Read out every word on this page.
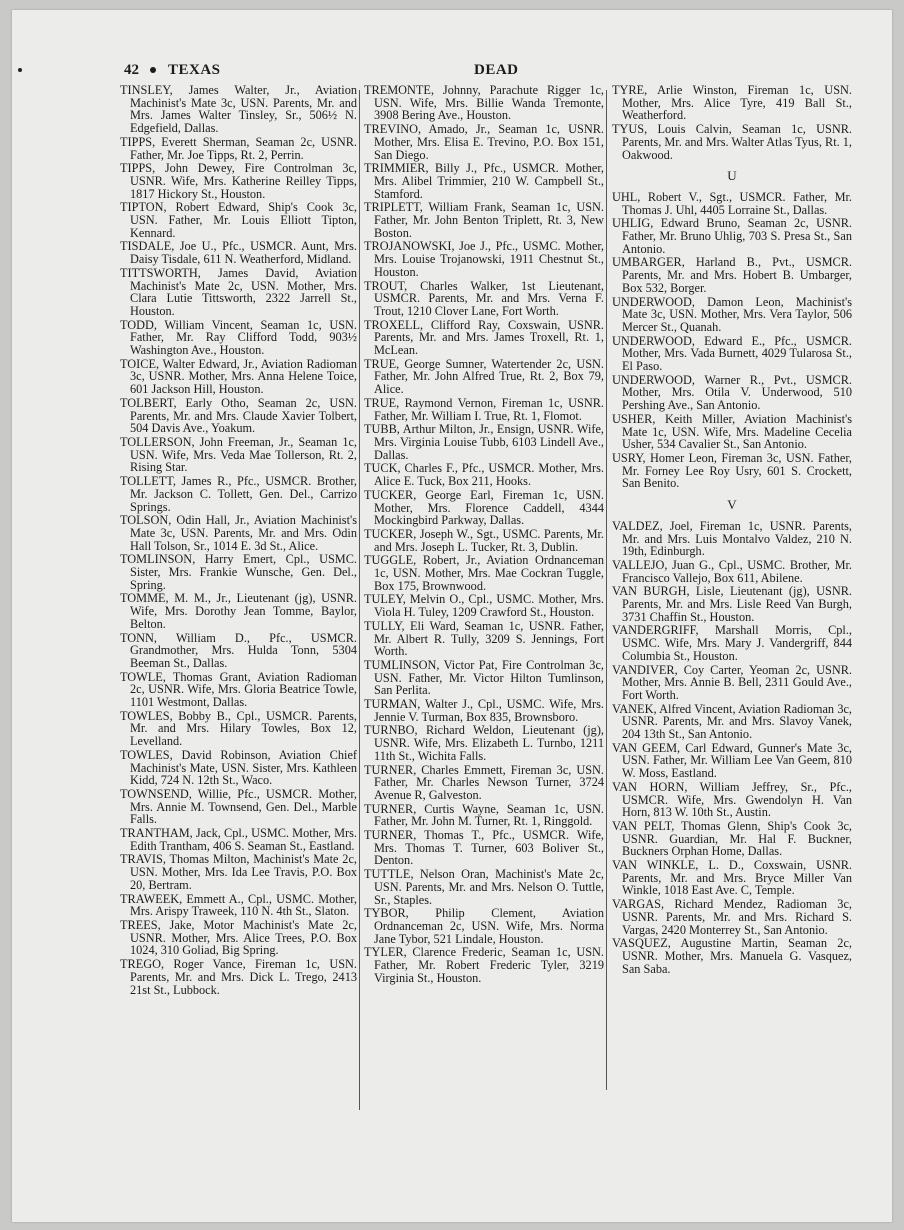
42 TEXAS	DEAD
TINSLEY, James Walter, Jr., Aviation Machinist's Mate 3c, USN. Parents, Mr. and Mrs. James Walter Tinsley, Sr., 506½ N. Edgefield, Dallas.
TIPPS, Everett Sherman, Seaman 2c, USNR. Father, Mr. Joe Tipps, Rt. 2, Perrin.
TIPPS, John Dewey, Fire Controlman 3c, USNR. Wife, Mrs. Katherine Reilley Tipps, 1817 Hickory St., Houston.
TIPTON, Robert Edward, Ship's Cook 3c, USN. Father, Mr. Louis Elliott Tipton, Kennard.
TISDALE, Joe U., Pfc., USMCR. Aunt, Mrs. Daisy Tisdale, 611 N. Weatherford, Midland.
TITTSWORTH, James David, Aviation Machinist's Mate 2c, USN. Mother, Mrs. Clara Lutie Tittsworth, 2322 Jarrell St., Houston.
TODD, William Vincent, Seaman 1c, USN. Father, Mr. Ray Clifford Todd, 903½ Washington Ave., Houston.
TOICE, Walter Edward, Jr., Aviation Radioman 3c, USNR. Mother, Mrs. Anna Helene Toice, 601 Jackson Hill, Houston.
TOLBERT, Early Otho, Seaman 2c, USN. Parents, Mr. and Mrs. Claude Xavier Tolbert, 504 Davis Ave., Yoakum.
TOLLERSON, John Freeman, Jr., Seaman 1c, USN. Wife, Mrs. Veda Mae Tollerson, Rt. 2, Rising Star.
TOLLETT, James R., Pfc., USMCR. Brother, Mr. Jackson C. Tollett, Gen. Del., Carrizo Springs.
TOLSON, Odin Hall, Jr., Aviation Machinist's Mate 3c, USN. Parents, Mr. and Mrs. Odin Hall Tolson, Sr., 1014 E. 3d St., Alice.
TOMLINSON, Harry Emert, Cpl., USMC. Sister, Mrs. Frankie Wunsche, Gen. Del., Spring.
TOMME, M. M., Jr., Lieutenant (jg), USNR. Wife, Mrs. Dorothy Jean Tomme, Baylor, Belton.
TONN, William D., Pfc., USMCR. Grandmother, Mrs. Hulda Tonn, 5304 Beeman St., Dallas.
TOWLE, Thomas Grant, Aviation Radioman 2c, USNR. Wife, Mrs. Gloria Beatrice Towle, 1101 Westmont, Dallas.
TOWLES, Bobby B., Cpl., USMCR. Parents, Mr. and Mrs. Hilary Towles, Box 12, Levelland.
TOWLES, David Robinson, Aviation Chief Machinist's Mate, USN. Sister, Mrs. Kathleen Kidd, 724 N. 12th St., Waco.
TOWNSEND, Willie, Pfc., USMCR. Mother, Mrs. Annie M. Townsend, Gen. Del., Marble Falls.
TRANTHAM, Jack, Cpl., USMC. Mother, Mrs. Edith Trantham, 406 S. Seaman St., Eastland.
TRAVIS, Thomas Milton, Machinist's Mate 2c, USN. Mother, Mrs. Ida Lee Travis, P.O. Box 20, Bertram.
TRAWEEK, Emmett A., Cpl., USMC. Mother, Mrs. Arispy Traweek, 110 N. 4th St., Slaton.
TREES, Jake, Motor Machinist's Mate 2c, USNR. Mother, Mrs. Alice Trees, P.O. Box 1024, 310 Goliad, Big Spring.
TREGO, Roger Vance, Fireman 1c, USN. Parents, Mr. and Mrs. Dick L. Trego, 2413 21st St., Lubbock.
TREMONTE, Johnny, Parachute Rigger 1c, USN. Wife, Mrs. Billie Wanda Tremonte, 3908 Bering Ave., Houston.
TREVINO, Amado, Jr., Seaman 1c, USNR. Mother, Mrs. Elisa E. Trevino, P.O. Box 151, San Diego.
TRIMMIER, Billy J., Pfc., USMCR. Mother, Mrs. Alibel Trimmier, 210 W. Campbell St., Stamford.
TRIPLETT, William Frank, Seaman 1c, USN. Father, Mr. John Benton Triplett, Rt. 3, New Boston.
TROJANOWSKI, Joe J., Pfc., USMC. Mother, Mrs. Louise Trojanowski, 1911 Chestnut St., Houston.
TROUT, Charles Walker, 1st Lieutenant, USMCR. Parents, Mr. and Mrs. Verna F. Trout, 1210 Clover Lane, Fort Worth.
TROXELL, Clifford Ray, Coxswain, USNR. Parents, Mr. and Mrs. James Troxell, Rt. 1, McLean.
TRUE, George Sumner, Watertender 2c, USN. Father, Mr. John Alfred True, Rt. 2, Box 79, Alice.
TRUE, Raymond Vernon, Fireman 1c, USNR. Father, Mr. William I. True, Rt. 1, Flomot.
TUBB, Arthur Milton, Jr., Ensign, USNR. Wife, Mrs. Virginia Louise Tubb, 6103 Lindell Ave., Dallas.
TUCK, Charles F., Pfc., USMCR. Mother, Mrs. Alice E. Tuck, Box 211, Hooks.
TUCKER, George Earl, Fireman 1c, USN. Mother, Mrs. Florence Caddell, 4344 Mockingbird Parkway, Dallas.
TUCKER, Joseph W., Sgt., USMC. Parents, Mr. and Mrs. Joseph L. Tucker, Rt. 3, Dublin.
TUGGLE, Robert, Jr., Aviation Ordnanceman 1c, USN. Mother, Mrs. Mae Cockran Tuggle, Box 175, Brownwood.
TULEY, Melvin O., Cpl., USMC. Mother, Mrs. Viola H. Tuley, 1209 Crawford St., Houston.
TULLY, Eli Ward, Seaman 1c, USNR. Father, Mr. Albert R. Tully, 3209 S. Jennings, Fort Worth.
TUMLINSON, Victor Pat, Fire Controlman 3c, USN. Father, Mr. Victor Hilton Tumlinson, San Perlita.
TURMAN, Walter J., Cpl., USMC. Wife, Mrs. Jennie V. Turman, Box 835, Brownsboro.
TURNBO, Richard Weldon, Lieutenant (jg), USNR. Wife, Mrs. Elizabeth L. Turnbo, 1211 11th St., Wichita Falls.
TURNER, Charles Emmett, Fireman 3c, USN. Father, Mr. Charles Newson Turner, 3724 Avenue R, Galveston.
TURNER, Curtis Wayne, Seaman 1c, USN. Father, Mr. John M. Turner, Rt. 1, Ringgold.
TURNER, Thomas T., Pfc., USMCR. Wife, Mrs. Thomas T. Turner, 603 Boliver St., Denton.
TUTTLE, Nelson Oran, Machinist's Mate 2c, USN. Parents, Mr. and Mrs. Nelson O. Tuttle, Sr., Staples.
TYBOR, Philip Clement, Aviation Ordnanceman 2c, USN. Wife, Mrs. Norma Jane Tybor, 521 Lindale, Houston.
TYLER, Clarence Frederic, Seaman 1c, USN. Father, Mr. Robert Frederic Tyler, 3219 Virginia St., Houston.
TYRE, Arlie Winston, Fireman 1c, USN. Mother, Mrs. Alice Tyre, 419 Ball St., Weatherford.
TYUS, Louis Calvin, Seaman 1c, USNR. Parents, Mr. and Mrs. Walter Atlas Tyus, Rt. 1, Oakwood.
U
UHL, Robert V., Sgt., USMCR. Father, Mr. Thomas J. Uhl, 4405 Lorraine St., Dallas.
UHLIG, Edward Bruno, Seaman 2c, USNR. Father, Mr. Bruno Uhlig, 703 S. Presa St., San Antonio.
UMBARGER, Harland B., Pvt., USMCR. Parents, Mr. and Mrs. Hobert B. Umbarger, Box 532, Borger.
UNDERWOOD, Damon Leon, Machinist's Mate 3c, USN. Mother, Mrs. Vera Taylor, 506 Mercer St., Quanah.
UNDERWOOD, Edward E., Pfc., USMCR. Mother, Mrs. Vada Burnett, 4029 Tularosa St., El Paso.
UNDERWOOD, Warner R., Pvt., USMCR. Mother, Mrs. Otila V. Underwood, 510 Pershing Ave., San Antonio.
USHER, Keith Miller, Aviation Machinist's Mate 1c, USN. Wife, Mrs. Madeline Cecelia Usher, 534 Cavalier St., San Antonio.
USRY, Homer Leon, Fireman 3c, USN. Father, Mr. Forney Lee Roy Usry, 601 S. Crockett, San Benito.
V
VALDEZ, Joel, Fireman 1c, USNR. Parents, Mr. and Mrs. Luis Montalvo Valdez, 210 N. 19th, Edinburgh.
VALLEJO, Juan G., Cpl., USMC. Brother, Mr. Francisco Vallejo, Box 611, Abilene.
VAN BURGH, Lisle, Lieutenant (jg), USNR. Parents, Mr. and Mrs. Lisle Reed Van Burgh, 3731 Chaffin St., Houston.
VANDERGRIFF, Marshall Morris, Cpl., USMC. Wife, Mrs. Mary J. Vandergriff, 844 Columbia St., Houston.
VANDIVER, Coy Carter, Yeoman 2c, USNR. Mother, Mrs. Annie B. Bell, 2311 Gould Ave., Fort Worth.
VANEK, Alfred Vincent, Aviation Radioman 3c, USNR. Parents, Mr. and Mrs. Slavoy Vanek, 204 13th St., San Antonio.
VAN GEEM, Carl Edward, Gunner's Mate 3c, USN. Father, Mr. William Lee Van Geem, 810 W. Moss, Eastland.
VAN HORN, William Jeffrey, Sr., Pfc., USMCR. Wife, Mrs. Gwendolyn H. Van Horn, 813 W. 10th St., Austin.
VAN PELT, Thomas Glenn, Ship's Cook 3c, USNR. Guardian, Mr. Hal F. Buckner, Buckners Orphan Home, Dallas.
VAN WINKLE, L. D., Coxswain, USNR. Parents, Mr. and Mrs. Bryce Miller Van Winkle, 1018 East Ave. C, Temple.
VARGAS, Richard Mendez, Radioman 3c, USNR. Parents, Mr. and Mrs. Richard S. Vargas, 2420 Monterrey St., San Antonio.
VASQUEZ, Augustine Martin, Seaman 2c, USNR. Mother, Mrs. Manuela G. Vasquez, San Saba.
